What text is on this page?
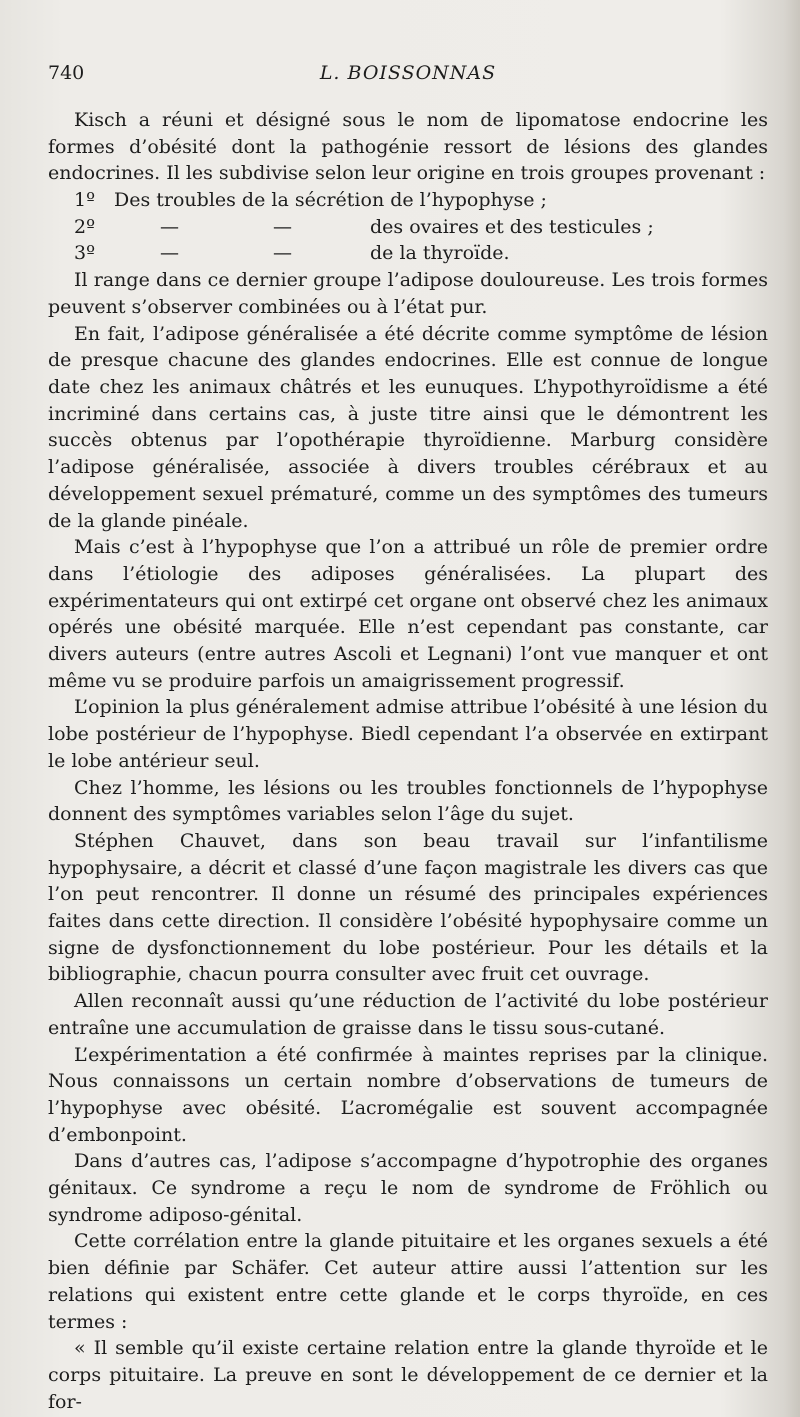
740	L. BOISSONNAS

Kisch a réuni et désigné sous le nom de lipomatose endocrine les formes d’obésité dont la pathogénie ressort de lésions des glandes endocrines. Il les subdivise selon leur origine en trois groupes provenant :

1º Des troubles de la sécrétion de l’hypophyse ;
2º	—	—	des ovaires et des testicules ;
3º	—	—	de la thyroïde.

Il range dans ce dernier groupe l’adipose douloureuse. Les trois formes peuvent s’observer combinées ou à l’état pur.

En fait, l’adipose généralisée a été décrite comme symptôme de lésion de presque chacune des glandes endocrines. Elle est connue de longue date chez les animaux châtrés et les eunuques. L’hypothyroïdisme a été incriminé dans certains cas, à juste titre ainsi que le démontrent les succès obtenus par l’opothérapie thyroïdienne. Marburg considère l’adipose généralisée, associée à divers troubles cérébraux et au développement sexuel prématuré, comme un des symptômes des tumeurs de la glande pinéale.

Mais c’est à l’hypophyse que l’on a attribué un rôle de premier ordre dans l’étiologie des adiposes généralisées. La plupart des expérimentateurs qui ont extirpé cet organe ont observé chez les animaux opérés une obésité marquée. Elle n’est cependant pas constante, car divers auteurs (entre autres Ascoli et Legnani) l’ont vue manquer et ont même vu se produire parfois un amaigrissement progressif.

L’opinion la plus généralement admise attribue l’obésité à une lésion du lobe postérieur de l’hypophyse. Biedl cependant l’a observée en extirpant le lobe antérieur seul.

Chez l’homme, les lésions ou les troubles fonctionnels de l’hypophyse donnent des symptômes variables selon l’âge du sujet.

Stéphen Chauvet, dans son beau travail sur l’infantilisme hypophysaire, a décrit et classé d’une façon magistrale les divers cas que l’on peut rencontrer. Il donne un résumé des principales expériences faites dans cette direction. Il considère l’obésité hypophysaire comme un signe de dysfonctionnement du lobe postérieur. Pour les détails et la bibliographie, chacun pourra consulter avec fruit cet ouvrage.

Allen reconnaît aussi qu’une réduction de l’activité du lobe postérieur entraîne une accumulation de graisse dans le tissu sous-cutané.

L’expérimentation a été confirmée à maintes reprises par la clinique. Nous connaissons un certain nombre d’observations de tumeurs de l’hypophyse avec obésité. L’acromégalie est souvent accompagnée d’embonpoint.

Dans d’autres cas, l’adipose s’accompagne d’hypotrophie des organes génitaux. Ce syndrome a reçu le nom de syndrome de Fröhlich ou syndrome adiposo-génital.

Cette corrélation entre la glande pituitaire et les organes sexuels a été bien définie par Schäfer. Cet auteur attire aussi l’attention sur les relations qui existent entre cette glande et le corps thyroïde, en ces termes :

« Il semble qu’il existe certaine relation entre la glande thyroïde et le corps pituitaire. La preuve en sont le développement de ce dernier et la for-
